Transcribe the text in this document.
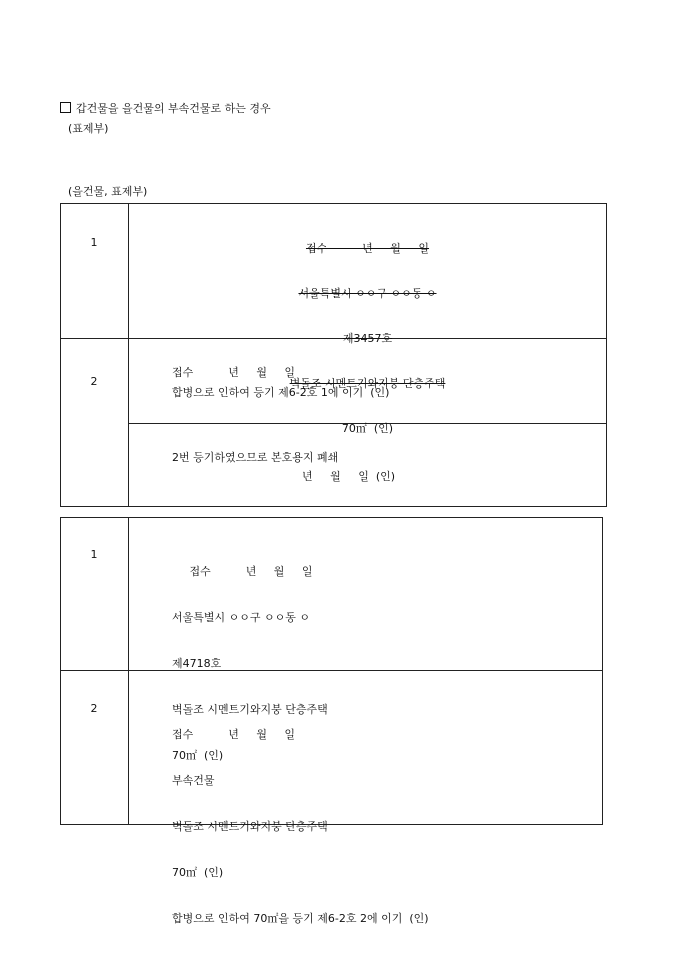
갑건물을 을건물의 부속건물로 하는 경우
(표제부)
(을건물, 표제부)
1

	접수          년     월     일

서울특별시 ㅇㅇ구 ㅇㅇ동 ㅇ

제3457호

벽돌조 시멘트기와지붕 단층주택

70㎡  (인)

2
접수          년     월     일
합병으로 인하여 등기 제6-2호 1에 이기  (인)
2번 등기하였으므로 본호용지 폐쇄
년     월     일  (인)
1

접수          년     월     일

서울특별시 ㅇㅇ구 ㅇㅇ동 ㅇ

제4718호

벽돌조 시멘트기와지붕 단층주택

70㎡  (인)

2

접수          년     월     일

부속건물

벽돌조 시멘트기와지붕 단층주택

70㎡  (인)

합병으로 인하여 70㎡을 등기 제6-2호 2에 이기  (인)
